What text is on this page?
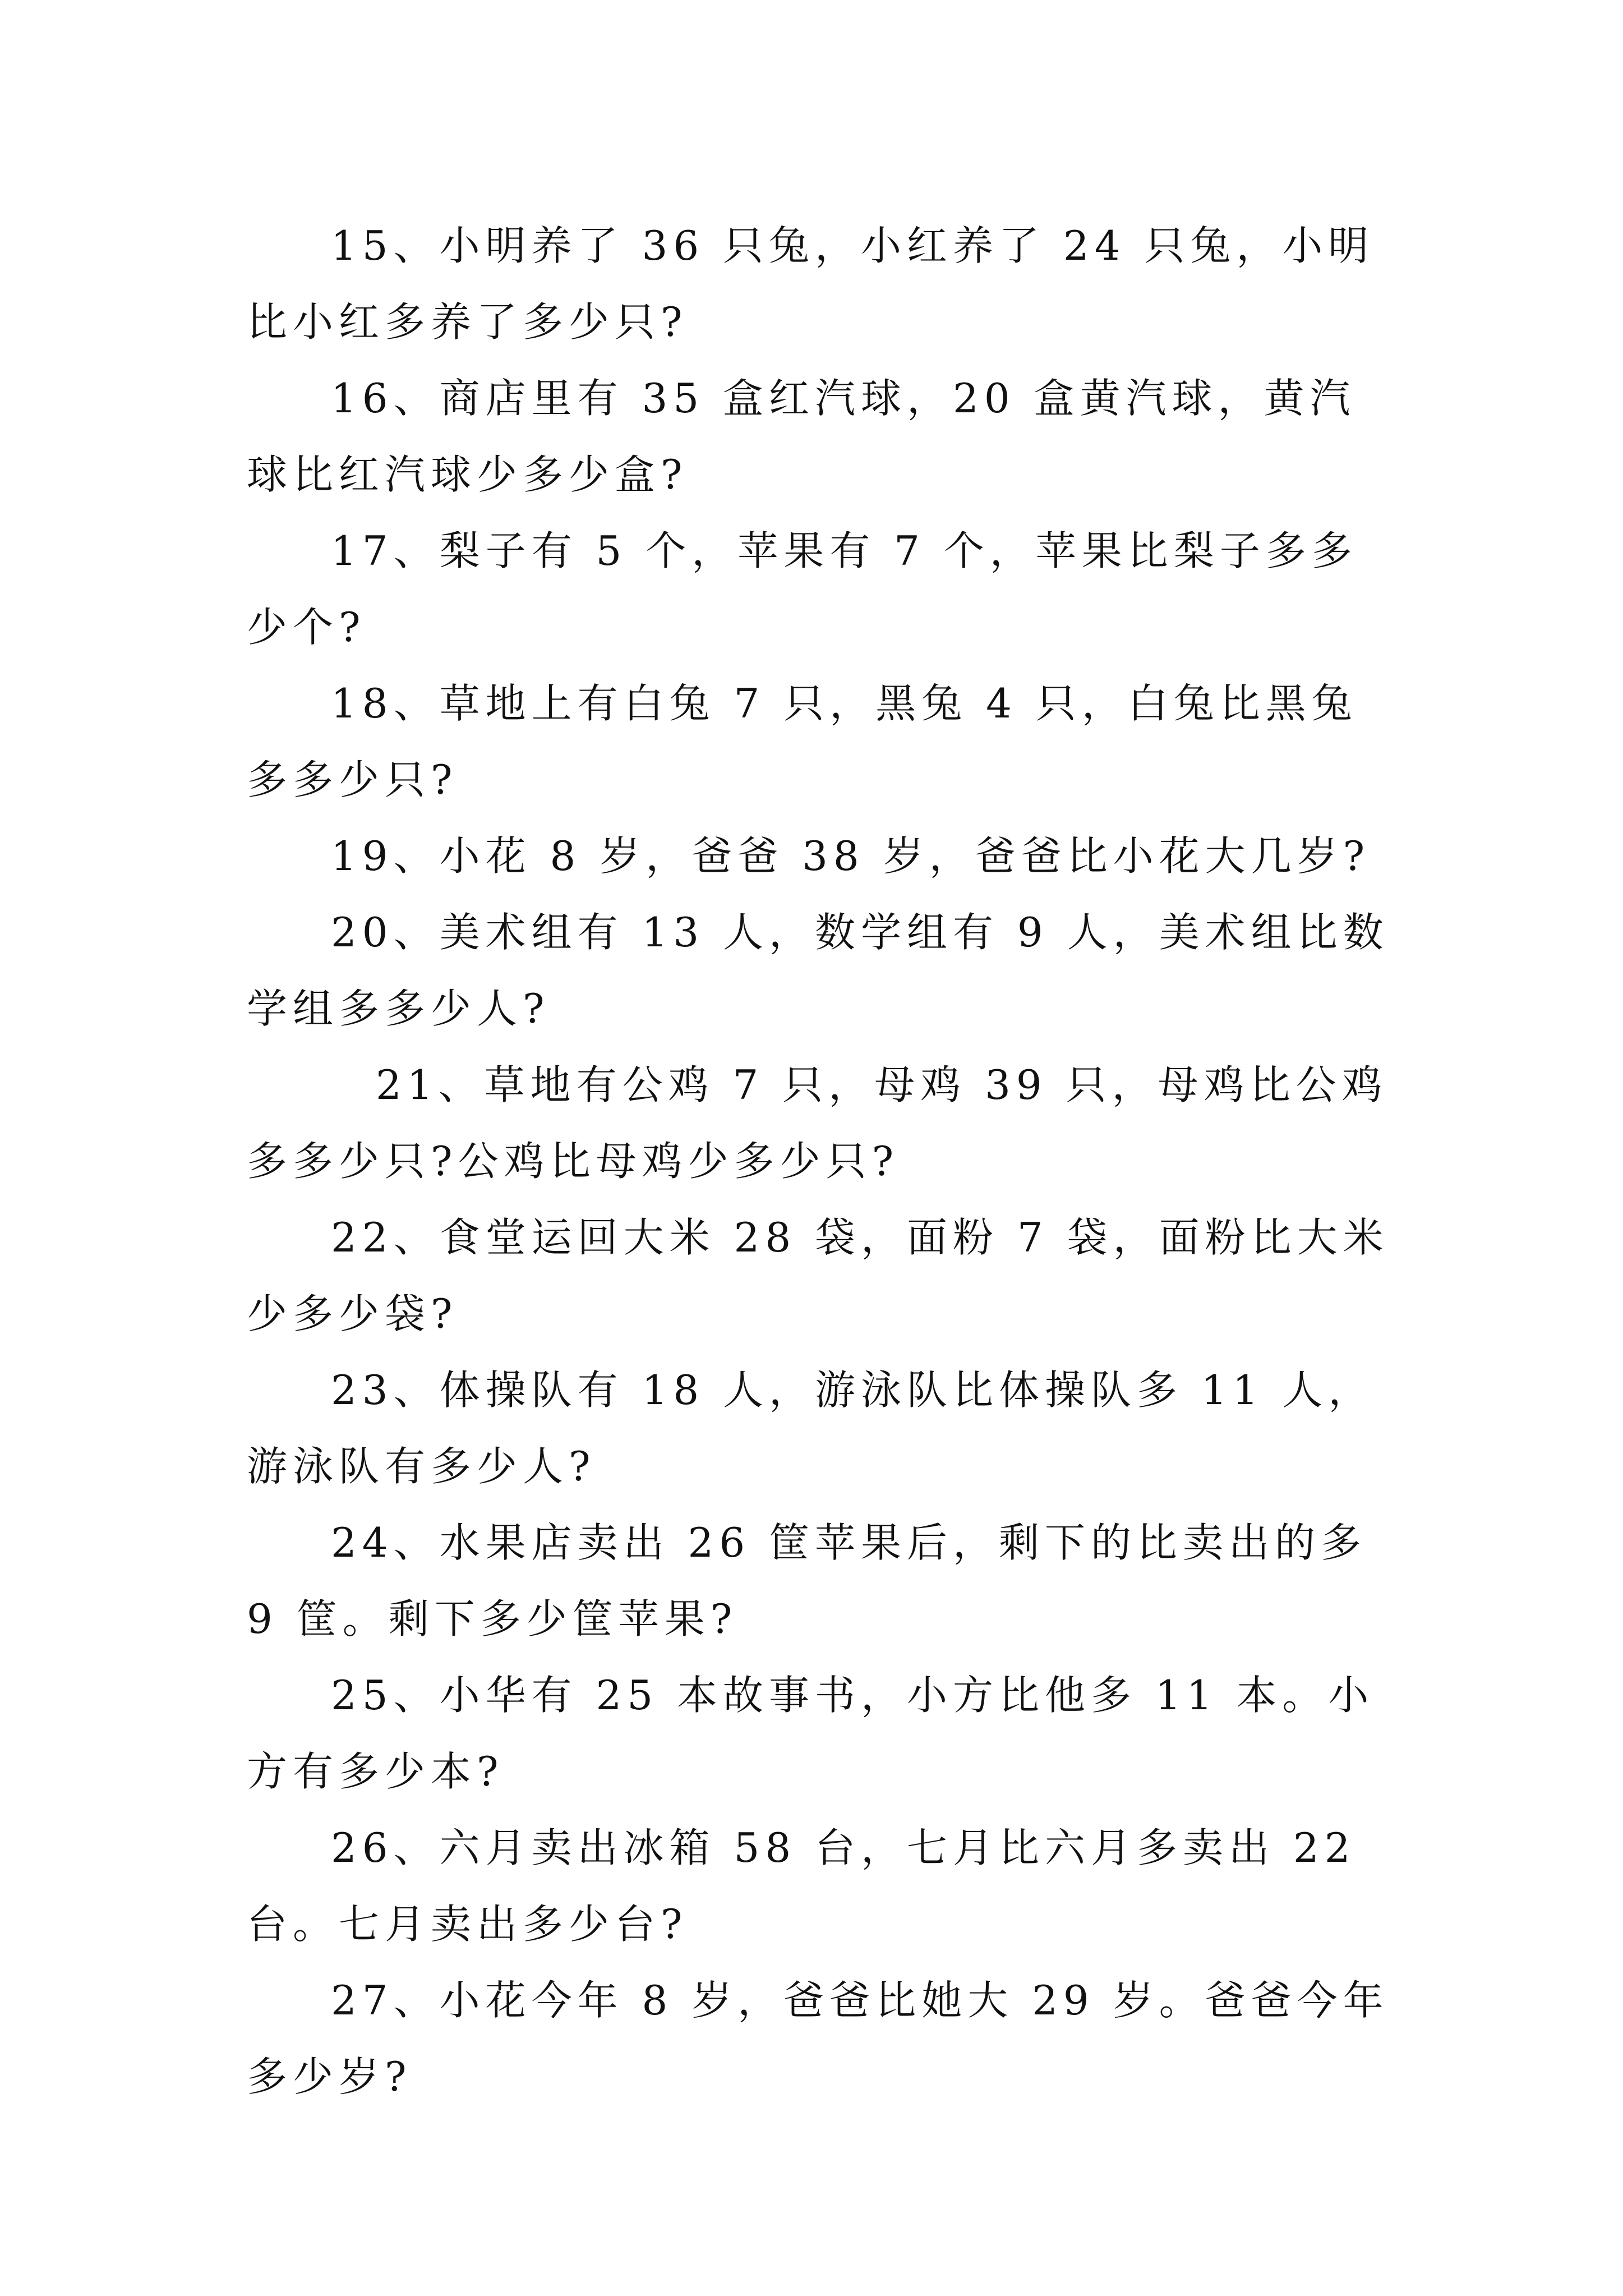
15、小明养了 36 只兔，小红养了 24 只兔，小明比小红多养了多少只?

16、商店里有 35 盒红汽球，20 盒黄汽球，黄汽球比红汽球少多少盒?

17、梨子有 5 个，苹果有 7 个，苹果比梨子多多少个?

18、草地上有白兔 7 只，黑兔 4 只，白兔比黑兔多多少只?

19、小花 8 岁，爸爸 38 岁，爸爸比小花大几岁?

20、美术组有 13 人，数学组有 9 人，美术组比数学组多多少人?

21、草地有公鸡 7 只，母鸡 39 只，母鸡比公鸡多多少只?公鸡比母鸡少多少只?

22、食堂运回大米 28 袋，面粉 7 袋，面粉比大米少多少袋?

23、体操队有 18 人，游泳队比体操队多 11 人，游泳队有多少人?

24、水果店卖出 26 筐苹果后，剩下的比卖出的多 9 筐。剩下多少筐苹果?

25、小华有 25 本故事书，小方比他多 11 本。小方有多少本?

26、六月卖出冰箱 58 台，七月比六月多卖出 22 台。七月卖出多少台?

27、小花今年 8 岁，爸爸比她大 29 岁。爸爸今年多少岁?
